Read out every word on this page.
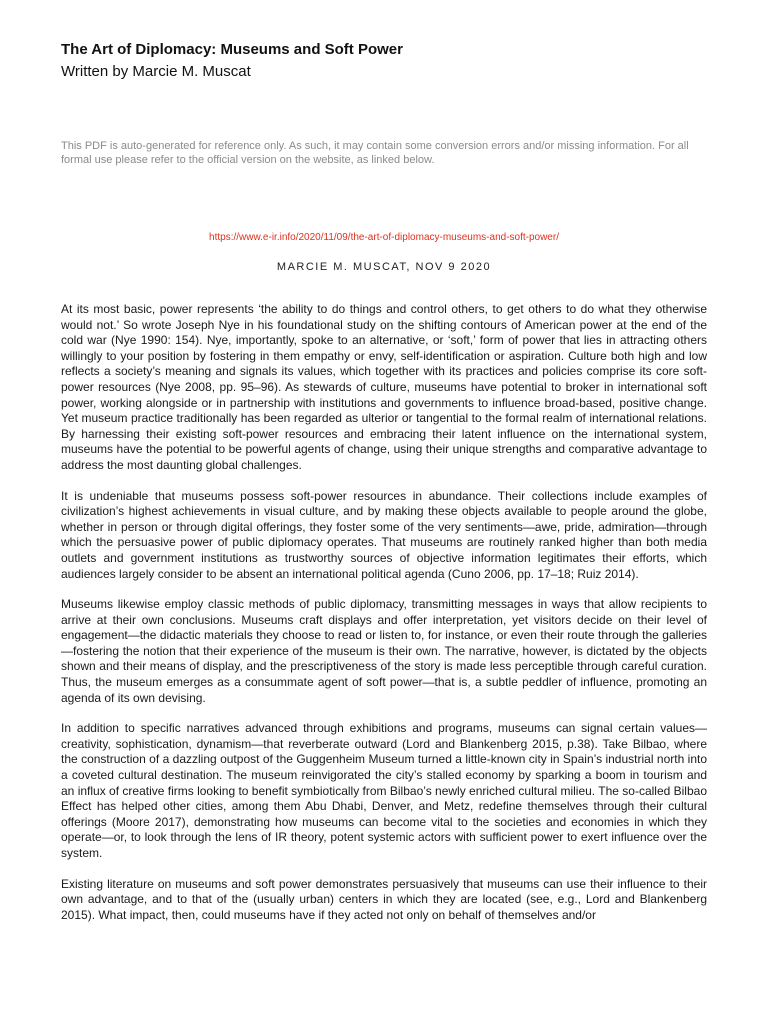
The Art of Diplomacy: Museums and Soft Power
Written by Marcie M. Muscat

This PDF is auto-generated for reference only. As such, it may contain some conversion errors and/or missing information. For all formal use please refer to the official version on the website, as linked below.

https://www.e-ir.info/2020/11/09/the-art-of-diplomacy-museums-and-soft-power/
MARCIE M. MUSCAT, NOV 9 2020

At its most basic, power represents ‘the ability to do things and control others, to get others to do what they otherwise would not.’ So wrote Joseph Nye in his foundational study on the shifting contours of American power at the end of the cold war (Nye 1990: 154). Nye, importantly, spoke to an alternative, or ‘soft,’ form of power that lies in attracting others willingly to your position by fostering in them empathy or envy, self-identification or aspiration. Culture both high and low reflects a society’s meaning and signals its values, which together with its practices and policies comprise its core soft-power resources (Nye 2008, pp. 95–96). As stewards of culture, museums have potential to broker in international soft power, working alongside or in partnership with institutions and governments to influence broad-based, positive change. Yet museum practice traditionally has been regarded as ulterior or tangential to the formal realm of international relations. By harnessing their existing soft-power resources and embracing their latent influence on the international system, museums have the potential to be powerful agents of change, using their unique strengths and comparative advantage to address the most daunting global challenges.

It is undeniable that museums possess soft-power resources in abundance. Their collections include examples of civilization’s highest achievements in visual culture, and by making these objects available to people around the globe, whether in person or through digital offerings, they foster some of the very sentiments—awe, pride, admiration—through which the persuasive power of public diplomacy operates. That museums are routinely ranked higher than both media outlets and government institutions as trustworthy sources of objective information legitimates their efforts, which audiences largely consider to be absent an international political agenda (Cuno 2006, pp. 17–18; Ruiz 2014).

Museums likewise employ classic methods of public diplomacy, transmitting messages in ways that allow recipients to arrive at their own conclusions. Museums craft displays and offer interpretation, yet visitors decide on their level of engagement—the didactic materials they choose to read or listen to, for instance, or even their route through the galleries—fostering the notion that their experience of the museum is their own. The narrative, however, is dictated by the objects shown and their means of display, and the prescriptiveness of the story is made less perceptible through careful curation. Thus, the museum emerges as a consummate agent of soft power—that is, a subtle peddler of influence, promoting an agenda of its own devising.

In addition to specific narratives advanced through exhibitions and programs, museums can signal certain values—creativity, sophistication, dynamism—that reverberate outward (Lord and Blankenberg 2015, p.38). Take Bilbao, where the construction of a dazzling outpost of the Guggenheim Museum turned a little-known city in Spain’s industrial north into a coveted cultural destination. The museum reinvigorated the city’s stalled economy by sparking a boom in tourism and an influx of creative firms looking to benefit symbiotically from Bilbao’s newly enriched cultural milieu. The so-called Bilbao Effect has helped other cities, among them Abu Dhabi, Denver, and Metz, redefine themselves through their cultural offerings (Moore 2017), demonstrating how museums can become vital to the societies and economies in which they operate—or, to look through the lens of IR theory, potent systemic actors with sufficient power to exert influence over the system.

Existing literature on museums and soft power demonstrates persuasively that museums can use their influence to their own advantage, and to that of the (usually urban) centers in which they are located (see, e.g., Lord and Blankenberg 2015). What impact, then, could museums have if they acted not only on behalf of themselves and/or
